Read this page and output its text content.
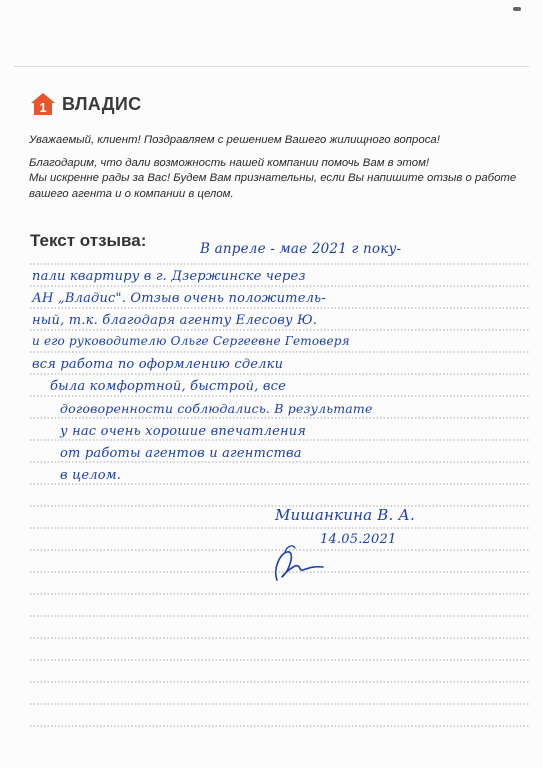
1 ВЛАДИС

Уважаемый, клиент! Поздравляем с решением Вашего жилищного вопроса!

Благодарим, что дали возможность нашей компании помочь Вам в этом!

Мы искренне рады за Вас! Будем Вам признательны, если Вы напишите отзыв о работе

вашего агента и о компании в целом.

Текст отзыва:	В апреле - мае 2021 г поку-
пали квартиру в г. Дзержинске через
АН „Владис". Отзыв очень положитель-
ный, т.к. благодаря агенту Елесову Ю.
и его руководителю Ольге Сергеевне Гетоверя
вся работа по оформлению сделки
была комфортной, быстрой, все
договоренности соблюдались. В результате
у нас очень хорошие впечатления
от работы агентов и агентства
в целом.
Мишанкина В. А.
14.05.2021
